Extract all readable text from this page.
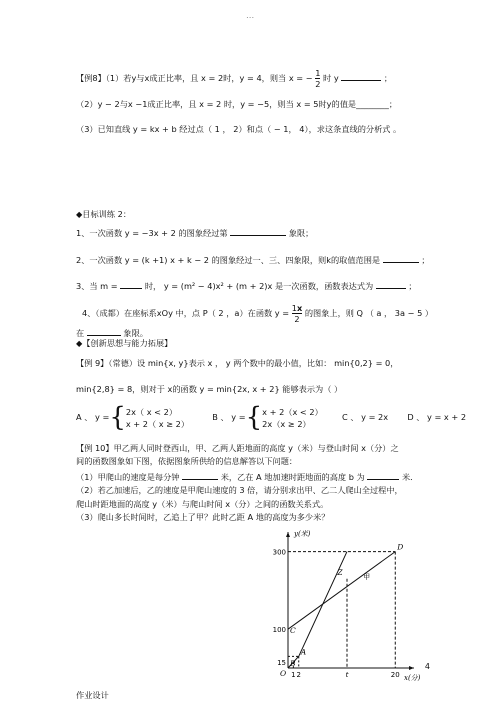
…
【例8】（1）若y与x成正比率，且 x = 2时，y = 4，则当 x = − $\frac{1}{2}$ 时 y	；
（2）y − 2与x −1成正比率，且 x = 2 时，y = −5，则当 x = 5时y的值是________；
（3）已知直线 y = kx + b 经过点（ 1 ， 2）和点（ − 1， 4），求这条直线的分析式 。
◆目标训练 2：
1、一次函数 y = −3x + 2 的图象经过第	象限；
2、一次函数 y = (k +1) x + k − 2 的图象经过一、三、四象限，则k的取值范围是	；
3、当 m =	时， y = (m² − 4)x² + (m + 2)x 是一次函数，函数表达式为	；
4、（成都）在座标系xOy 中，点 P（ 2 ，a）在函数 $y = \frac{1x}{2}$ 的图象上，则 Q （ a ， 3a − 5 ）
在	象限。
◆【创新思想与能力拓展】
【例 9】（常德）设 min{x, y}表示 x ， y 两个数中的最小值，比如： min{0,2} = 0，
min{2,8} = 8，则对于 x的函数 y = min{2x, x + 2} 能够表示为（ ）
A 、 y ={ 2x（ x < 2）
x + 2（ x ≥ 2）
B 、 y ={ x + 2（x < 2）
2x（x ≥ 2）
C 、 y = 2x D 、 y = x + 2
【例 10】甲乙两人同时登西山，甲、乙两人距地面的高度 y（米）与登山时间 x（分）之
间的函数图象如下图，依据图象所供给的信息解答以下问题：
（1）甲爬山的速度是每分钟	米，乙在 A 地加速时距地面的高度 b 为	米．
（2）若乙加速后，乙的速度是甲爬山速度的 3 倍，请分别求出甲、乙二人爬山全过程中，
爬山时距地面的高度 y（米）与爬山时间 x（分）之间的函数关系式。
（3）爬山多长时间时，乙追上了甲？此时乙距 A 地的高度为多少米？
y(米)
x(分)
甲
15
100
300
1 2	t	20
O
A
B
C
D
Z
作业设计
4
